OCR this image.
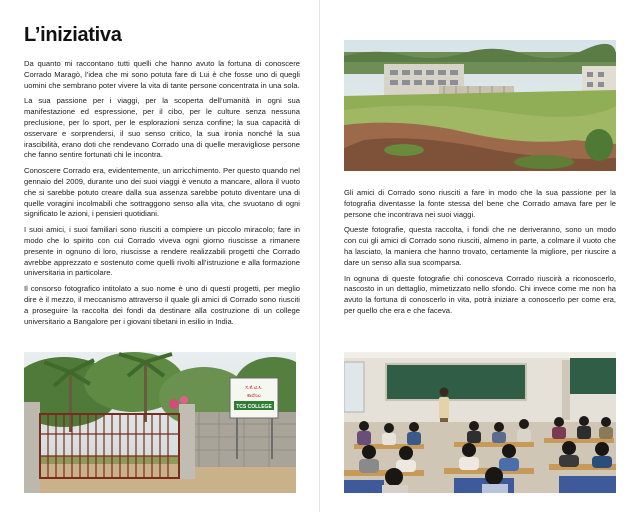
L’iniziativa

Da quanto mi raccontano tutti quelli che hanno avuto la fortuna di conoscere Corrado Maragò, l’idea che mi sono potuta fare di Lui è che fosse uno di quegli uomini che sembrano poter vivere la vita di tante persone concentrata in una sola.

La sua passione per i viaggi, per la scoperta dell’umanità in ogni sua manifestazione ed espressione, per il cibo, per le culture senza nessuna preclusione, per lo sport, per le esplorazioni senza confine; la sua capacità di osservare e sorprendersi, il suo senso critico, la sua ironia nonché la sua irascibilità, erano doti che rendevano Corrado una di quelle meravigliose persone che fanno sentire fortunati chi le incontra.

Conoscere Corrado era, evidentemente, un arricchimento. Per questo quando nel gennaio del 2009, durante uno dei suoi viaggi è venuto a mancare, allora il vuoto che si sarebbe potuto creare dalla sua assenza sarebbe potuto diventare una di quelle voragini incolmabili che sottraggono senso alla vita, che svuotano di ogni significato le azioni, i pensieri quotidiani.

I suoi amici, i suoi familiari sono riusciti a compiere un piccolo miracolo; fare in modo che lo spirito con cui Corrado viveva ogni giorno riuscisse a rimanere presente in ognuno di loro, riuscisse a rendere realizzabili progetti che Corrado avrebbe apprezzato e sostenuto come quelli rivolti all’istruzione e alla formazione universitaria in particolare.

Il consorso fotografico intitolato a suo nome è uno di questi progetti, per meglio dire è il mezzo, il meccanismo attraverso il quale gli amici di Corrado sono riusciti a proseguire la raccolta dei fondi da destinare alla costruzione di un college universitario a Bangalore per i giovani tibetani in esilio in India.

ಸ.ಕೆ.ಟಿ.ಸಿ.
ಕಾಲೇಜು
TCS COLLEGE

Gli amici di Corrado sono riusciti a fare in modo che la sua passione per la fotografia diventasse la fonte stessa del bene che Corrado amava fare per le persone che incontrava nei suoi viaggi.

Queste fotografie, questa raccolta, i fondi che ne deriveranno, sono un modo con cui gli amici di Corrado sono riusciti, almeno in parte, a colmare il vuoto che ha lasciato, la maniera che hanno trovato, certamente la migliore, per riuscire a dare un senso alla sua scomparsa.

In ognuna di queste fotografie chi conosceva Corrado riuscirà a riconoscerlo, nascosto in un dettaglio, mimetizzato nello sfondo. Chi invece come me non ha avuto la fortuna di conoscerlo in vita, potrà iniziare a conoscerlo per come era, per quello che era e che faceva.
